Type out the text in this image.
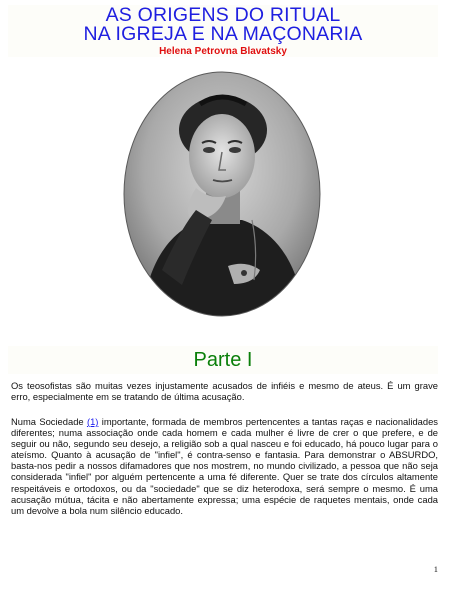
AS ORIGENS DO RITUAL
NA IGREJA E NA MAÇONARIA
Helena Petrovna Blavatsky
Parte I

Os teosofistas são muitas vezes injustamente acusados de infiéis e mesmo de ateus. É um grave erro, especialmente em se tratando de última acusação.

Numa Sociedade (1) importante, formada de membros pertencentes a tantas raças e nacionalidades diferentes; numa associação onde cada homem e cada mulher é livre de crer o que prefere, e de seguir ou não, segundo seu desejo, a religião sob a qual nasceu e foi educado, há pouco lugar para o ateísmo. Quanto à acusação de "infiel", é contra-senso e fantasia. Para demonstrar o ABSURDO, basta-nos pedir a nossos difamadores que nos mostrem, no mundo civilizado, a pessoa que não seja considerada "infiel" por alguém pertencente a uma fé diferente. Quer se trate dos círculos altamente respeitáveis e ortodoxos, ou da "sociedade" que se diz heterodoxa, será sempre o mesmo. É uma acusação mútua, tácita e não abertamente expressa; uma espécie de raquetes mentais, onde cada um devolve a bola num silêncio educado.

1
